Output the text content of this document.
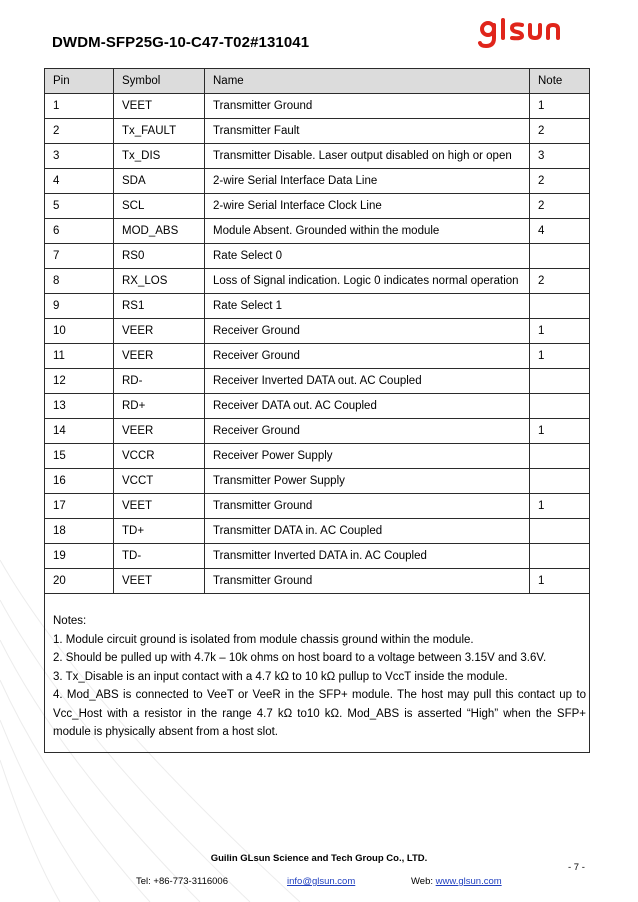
DWDM-SFP25G-10-C47-T02#131041
Pin	Symbol	Name	Note
1	VEET	Transmitter Ground	1
2	Tx_FAULT	Transmitter Fault	2
3	Tx_DIS	Transmitter Disable. Laser output disabled on high or open	3
4	SDA	2-wire Serial Interface Data Line	2
5	SCL	2-wire Serial Interface Clock Line	2
6	MOD_ABS	Module Absent. Grounded within the module	4
7	RS0	Rate Select 0	
8	RX_LOS	Loss of Signal indication. Logic 0 indicates normal operation	2
9	RS1	Rate Select 1	
10	VEER	Receiver Ground	1
11	VEER	Receiver Ground	1
12	RD-	Receiver Inverted DATA out. AC Coupled	
13	RD+	Receiver DATA out. AC Coupled	
14	VEER	Receiver Ground	1
15	VCCR	Receiver Power Supply	
16	VCCT	Transmitter Power Supply	
17	VEET	Transmitter Ground	1
18	TD+	Transmitter DATA in. AC Coupled	
19	TD-	Transmitter Inverted DATA in. AC Coupled	
20	VEET	Transmitter Ground	1

Notes:
1. Module circuit ground is isolated from module chassis ground within the module.
2. Should be pulled up with 4.7k – 10k ohms on host board to a voltage between 3.15V and 3.6V.
3. Tx_Disable is an input contact with a 4.7 kΩ to 10 kΩ pullup to VccT inside the module.
4. Mod_ABS is connected to VeeT or VeeR in the SFP+ module. The host may pull this contact up to Vcc_Host with a resistor in the range 4.7 kΩ to10 kΩ. Mod_ABS is asserted “High” when the SFP+ module is physically absent from a host slot.			
Guilin GLsun Science and Tech Group Co., LTD.
- 7 -
Tel: +86-773-3116006	info@glsun.com	Web: www.glsun.com
